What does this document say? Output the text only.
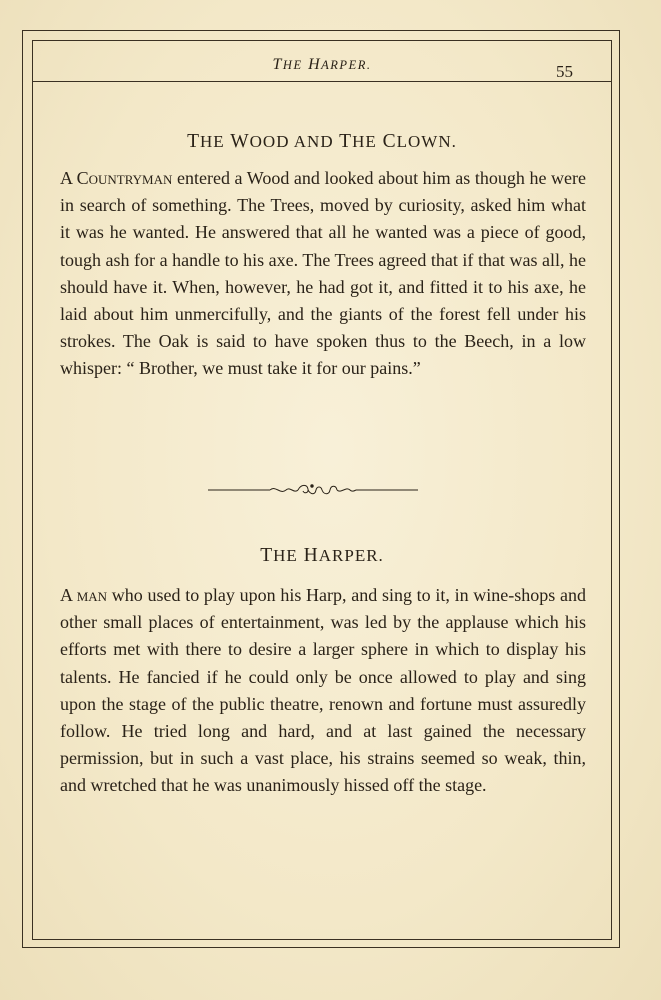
THE HARPER.	55
THE WOOD AND THE CLOWN.

A Countryman entered a Wood and looked about him as though he were in search of something. The Trees, moved by curiosity, asked him what it was he wanted. He answered that all he wanted was a piece of good, tough ash for a handle to his axe. The Trees agreed that if that was all, he should have it. When, however, he had got it, and fitted it to his axe, he laid about him unmercifully, and the giants of the forest fell under his strokes. The Oak is said to have spoken thus to the Beech, in a low whisper: “ Brother, we must take it for our pains.”

THE HARPER.

A man who used to play upon his Harp, and sing to it, in wine-shops and other small places of entertainment, was led by the applause which his efforts met with there to desire a larger sphere in which to display his talents. He fancied if he could only be once allowed to play and sing upon the stage of the public theatre, renown and fortune must assuredly follow. He tried long and hard, and at last gained the necessary permission, but in such a vast place, his strains seemed so weak, thin, and wretched that he was unanimously hissed off the stage.
